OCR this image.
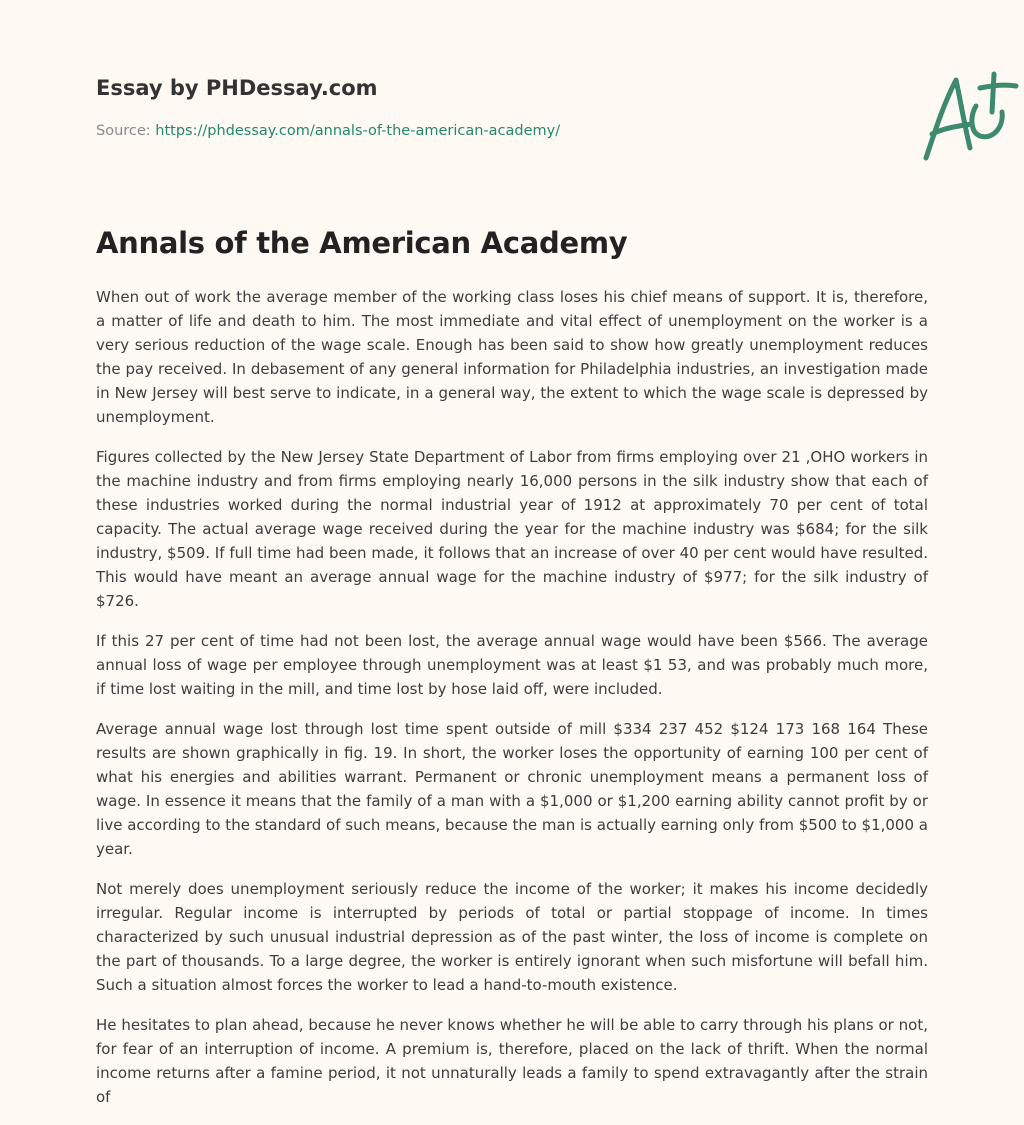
Essay by PHDessay.com
Source: https://phdessay.com/annals-of-the-american-academy/
Annals of the American Academy

When out of work the average member of the working class loses his chief means of support. It is, therefore, a matter of life and death to him. The most immediate and vital effect of unemployment on the worker is a very serious reduction of the wage scale. Enough has been said to show how greatly unemployment reduces the pay received. In debasement of any general information for Philadelphia industries, an investigation made in New Jersey will best serve to indicate, in a general way, the extent to which the wage scale is depressed by unemployment.

Figures collected by the New Jersey State Department of Labor from firms employing over 21 ,OHO workers in the machine industry and from firms employing nearly 16,000 persons in the silk industry show that each of these industries worked during the normal industrial year of 1912 at approximately 70 per cent of total capacity. The actual average wage received during the year for the machine industry was $684; for the silk industry, $509. If full time had been made, it follows that an increase of over 40 per cent would have resulted. This would have meant an average annual wage for the machine industry of $977; for the silk industry of $726.

If this 27 per cent of time had not been lost, the average annual wage would have been $566. The average annual loss of wage per employee through unemployment was at least $1 53, and was probably much more, if time lost waiting in the mill, and time lost by hose laid off, were included.

Average annual wage lost through lost time spent outside of mill $334 237 452 $124 173 168 164 These results are shown graphically in fig. 19. In short, the worker loses the opportunity of earning 100 per cent of what his energies and abilities warrant. Permanent or chronic unemployment means a permanent loss of wage. In essence it means that the family of a man with a $1,000 or $1,200 earning ability cannot profit by or live according to the standard of such means, because the man is actually earning only from $500 to $1,000 a year.

Not merely does unemployment seriously reduce the income of the worker; it makes his income decidedly irregular. Regular income is interrupted by periods of total or partial stoppage of income. In times characterized by such unusual industrial depression as of the past winter, the loss of income is complete on the part of thousands. To a large degree, the worker is entirely ignorant when such misfortune will befall him. Such a situation almost forces the worker to lead a hand-to-mouth existence.

He hesitates to plan ahead, because he never knows whether he will be able to carry through his plans or not, for fear of an interruption of income. A premium is, therefore, placed on the lack of thrift. When the normal income returns after a famine period, it not unnaturally leads a family to spend extravagantly after the strain of
